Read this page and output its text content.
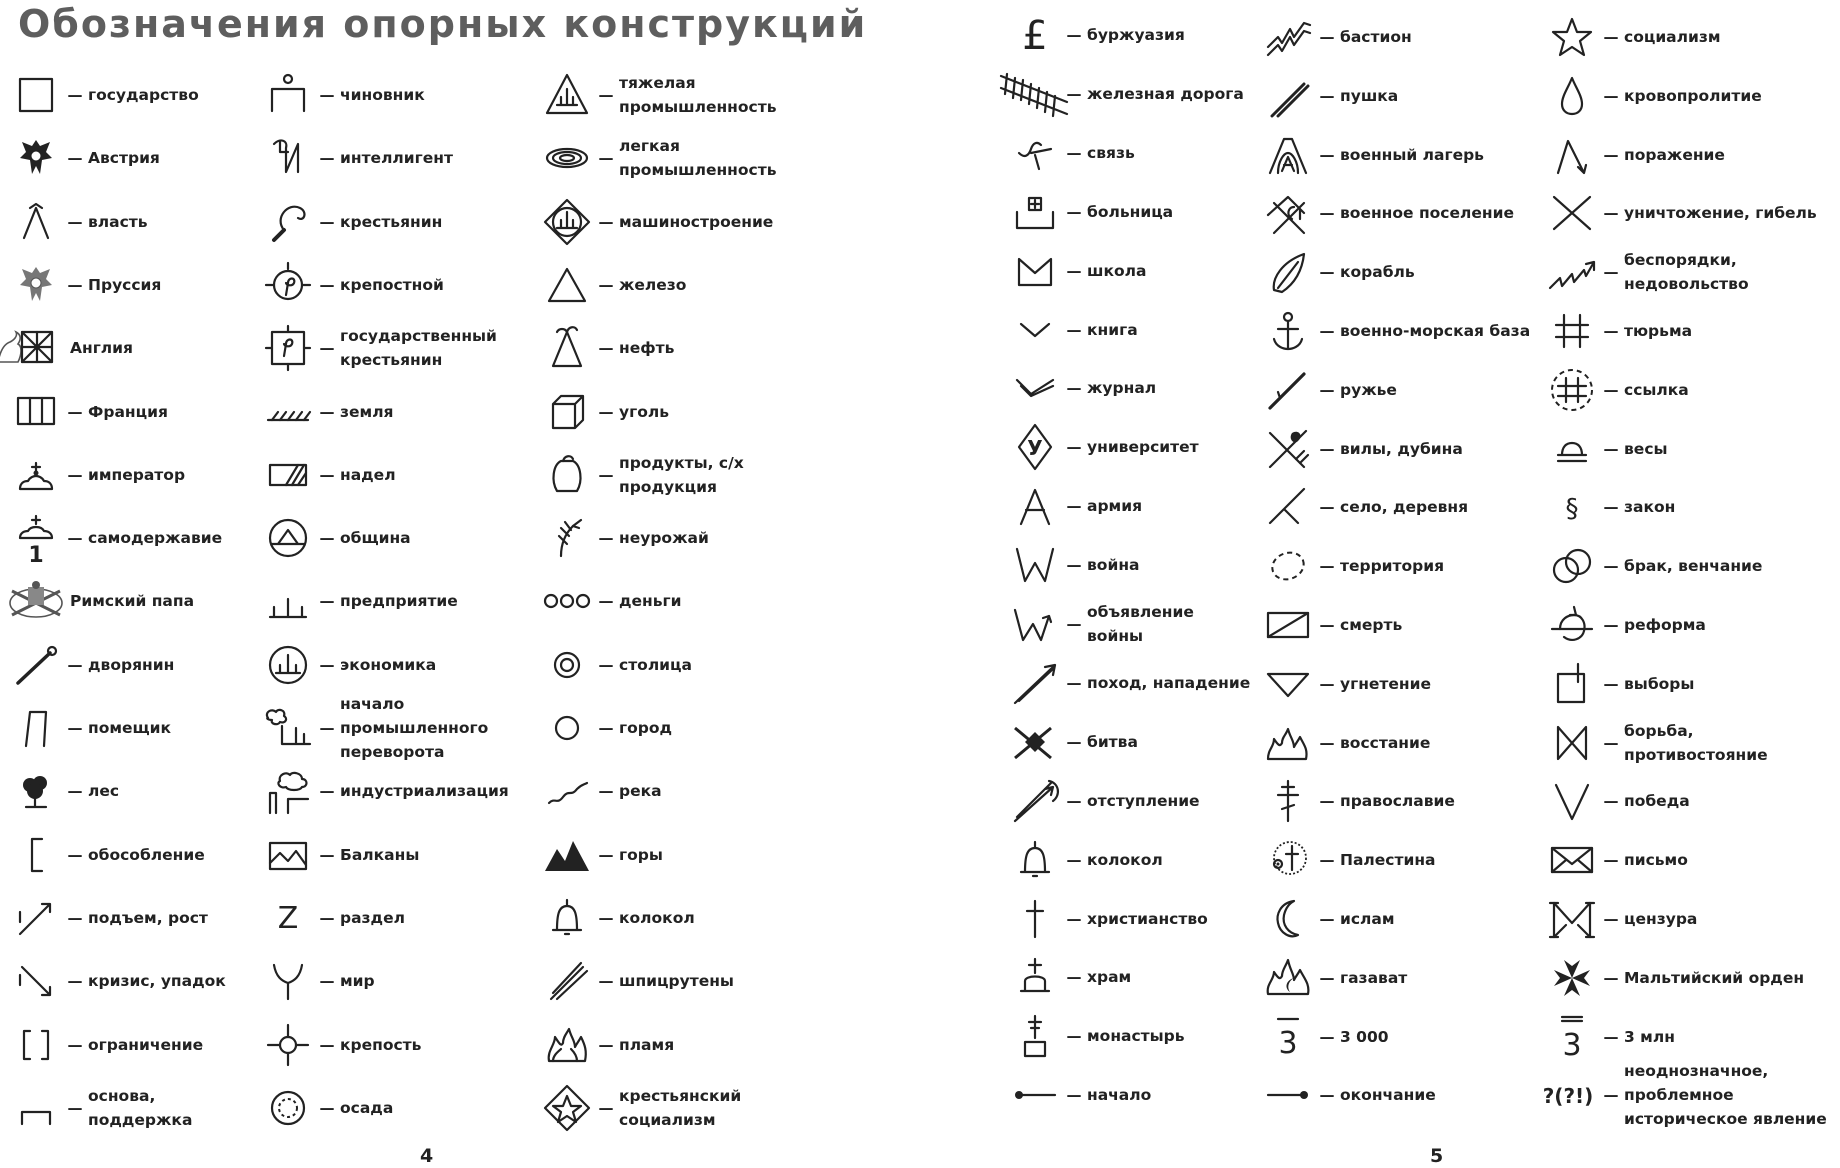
Обозначения опорных конструкций
— государство
— Австрия
— власть
— Пруссия
Англия
— Франция
— император
1
— самодержавие
Римский папа
— дворянин
— помещик
— лес
— обособление
— подъем, рост
— кризис, упадок
— ограничение
—
основа, поддержка
— чиновник
— интеллигент
— крестьянин
— крепостной
—
государственный крестьянин
— земля
— надел
— община
— предприятие
— экономика
—
начало промышленного переворота
— индустриализация
— Балканы
Z	— раздел
— мир
— крепость
— осада
—
тяжелая промышленность
—
легкая промышленность
— машиностроение
— железо
— нефть
— уголь
—
продукты, с/х продукция
— неурожай
— деньги
— столица
— город
— река
— горы
— колокол
— шпицрутены
— пламя
—
крестьянский социализм
£	— буржуазия
— железная дорога
— связь
— больница
— школа
— книга
— журнал
У	— университет
— армия
— война
—
объявление войны
— поход, нападение
— битва
— отступление
— колокол
— христианство
— храм
— монастырь
— начало
— бастион
— пушка
— военный лагерь
— военное поселение
— корабль
— военно-морская база
— ружье
— вилы, дубина
— село, деревня
— территория
— смерть
— угнетение
— восстание
— православие
— Палестина
— ислам
— газават
3	— 3 000
— окончание
— социализм
— кровопролитие
— поражение
— уничтожение, гибель
—
беспорядки, недовольство
— тюрьма
— ссылка
— весы
§	— закон
— брак, венчание
— реформа
— выборы
—
борьба, противостояние
— победа
— письмо
— цензура
— Мальтийский орден
3	— 3 млн
?(?!) —
неоднозначное, проблемное историческое явление
4	5
